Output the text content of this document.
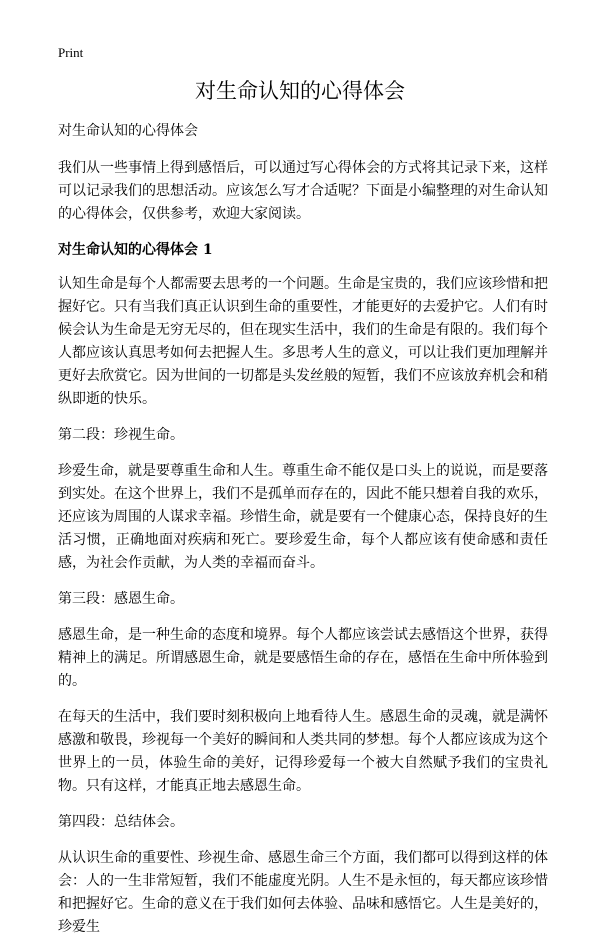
Print
对生命认知的心得体会

对生命认知的心得体会

我们从一些事情上得到感悟后，可以通过写心得体会的方式将其记录下来，这样可以记录我们的思想活动。应该怎么写才合适呢？下面是小编整理的对生命认知的心得体会，仅供参考，欢迎大家阅读。

对生命认知的心得体会 1

认知生命是每个人都需要去思考的一个问题。生命是宝贵的，我们应该珍惜和把握好它。只有当我们真正认识到生命的重要性，才能更好的去爱护它。人们有时候会认为生命是无穷无尽的，但在现实生活中，我们的生命是有限的。我们每个人都应该认真思考如何去把握人生。多思考人生的意义，可以让我们更加理解并更好去欣赏它。因为世间的一切都是头发丝般的短暂，我们不应该放弃机会和稍纵即逝的快乐。

第二段：珍视生命。

珍爱生命，就是要尊重生命和人生。尊重生命不能仅是口头上的说说，而是要落到实处。在这个世界上，我们不是孤单而存在的，因此不能只想着自我的欢乐，还应该为周围的人谋求幸福。珍惜生命，就是要有一个健康心态，保持良好的生活习惯，正确地面对疾病和死亡。要珍爱生命，每个人都应该有使命感和责任感，为社会作贡献，为人类的幸福而奋斗。

第三段：感恩生命。

感恩生命，是一种生命的态度和境界。每个人都应该尝试去感悟这个世界，获得精神上的满足。所谓感恩生命，就是要感悟生命的存在，感悟在生命中所体验到的。

在每天的生活中，我们要时刻积极向上地看待人生。感恩生命的灵魂，就是满怀感激和敬畏，珍视每一个美好的瞬间和人类共同的梦想。每个人都应该成为这个世界上的一员，体验生命的美好，记得珍爱每一个被大自然赋予我们的宝贵礼物。只有这样，才能真正地去感恩生命。

第四段：总结体会。

从认识生命的重要性、珍视生命、感恩生命三个方面，我们都可以得到这样的体会：人的一生非常短暂，我们不能虚度光阴。人生不是永恒的，每天都应该珍惜和把握好它。生命的意义在于我们如何去体验、品味和感悟它。人生是美好的，珍爱生
